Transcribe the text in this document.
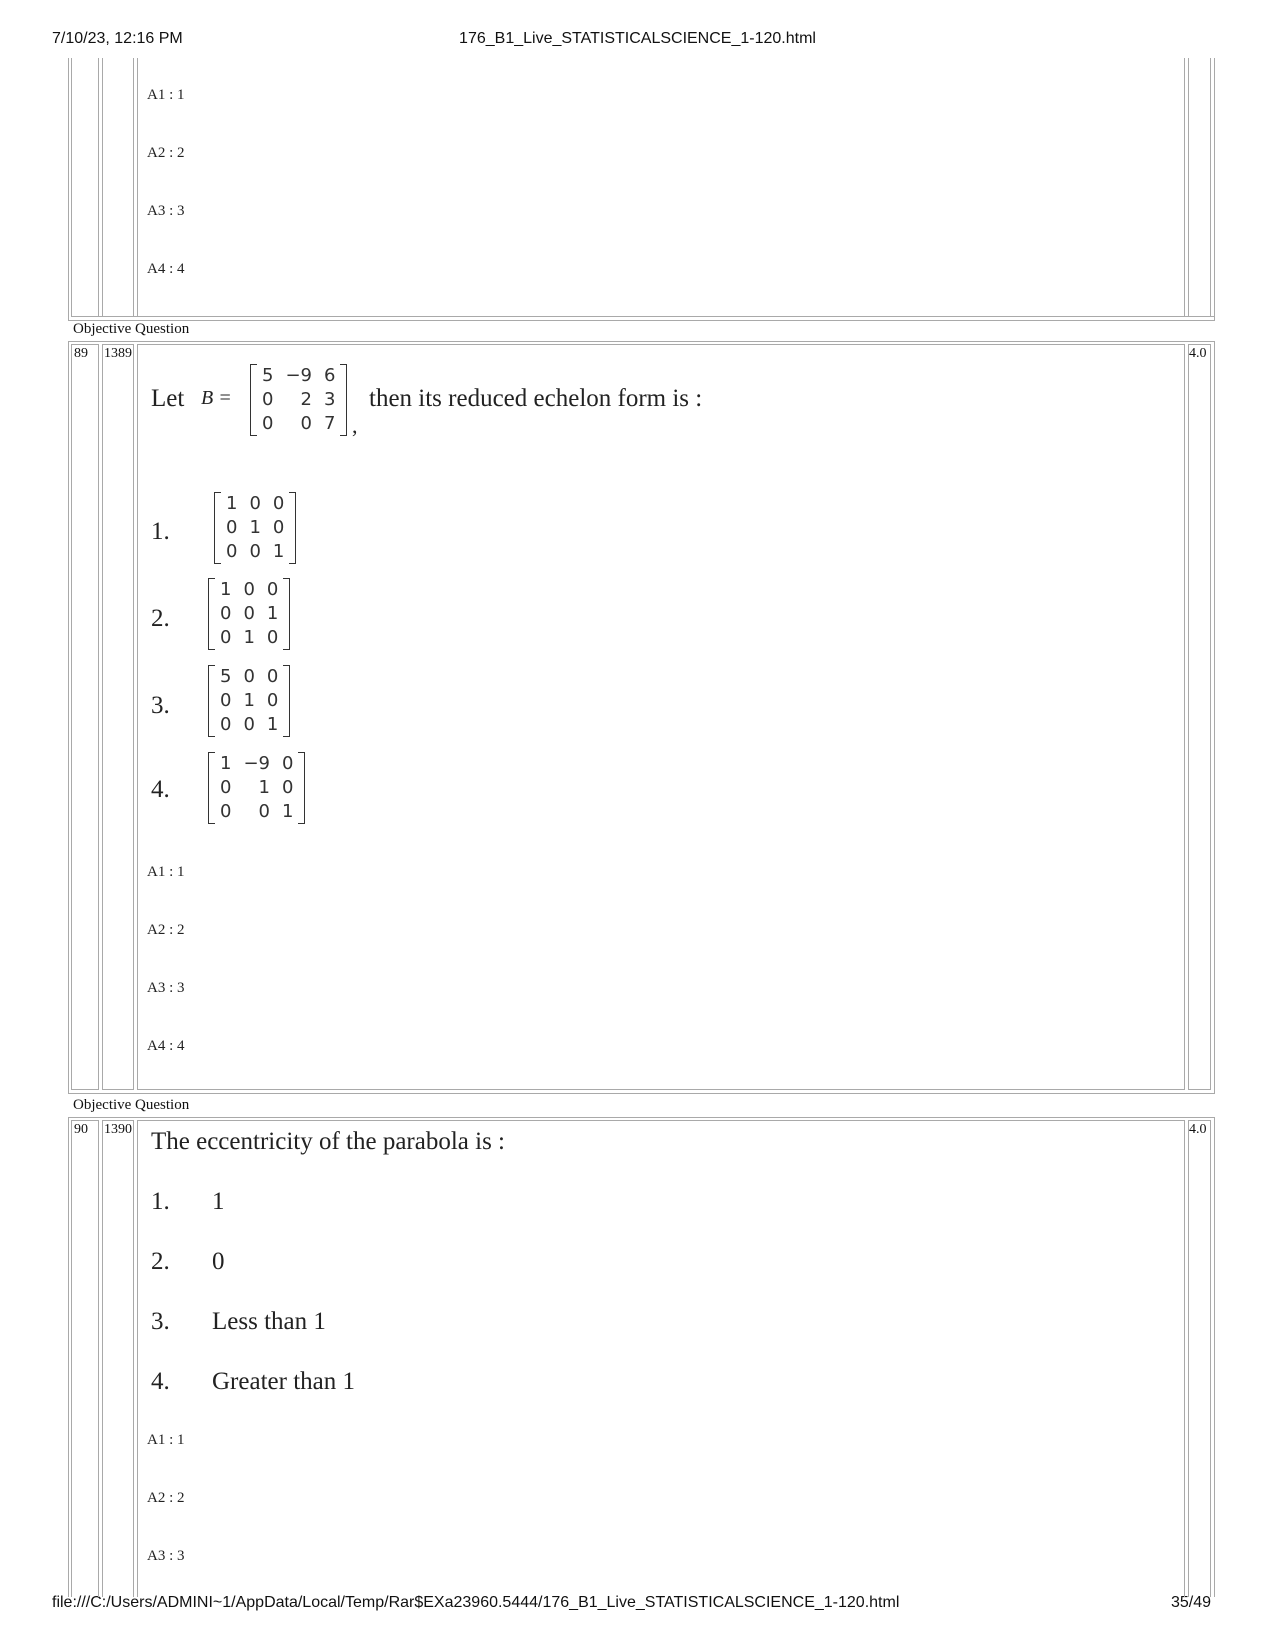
7/10/23, 12:16 PM	176_B1_Live_STATISTICALSCIENCE_1-120.html
file:///C:/Users/ADMINI~1/AppData/Local/Temp/Rar$EXa23960.5444/176_B1_Live_STATISTICALSCIENCE_1-120.html	35/49
A1 : 1
A2 : 2
A3 : 3
A4 : 4
Objective Question
89 1389	4.0
Let B =
5	−9	6
0	2	3
0	0	7 ,
then its reduced echelon form is :
1.
1	0	0
0	1	0
0	0	1
2.
1	0	0
0	0	1
0	1	0
3.
5	0	0
0	1	0
0	0	1
4.
1	−9	0
0	1	0
0	0	1
A1 : 1
A2 : 2
A3 : 3
A4 : 4
Objective Question
90 1390	4.0
The eccentricity of the parabola is :
1. 1
2. 0
3. Less than 1
4. Greater than 1
A1 : 1
A2 : 2
A3 : 3
